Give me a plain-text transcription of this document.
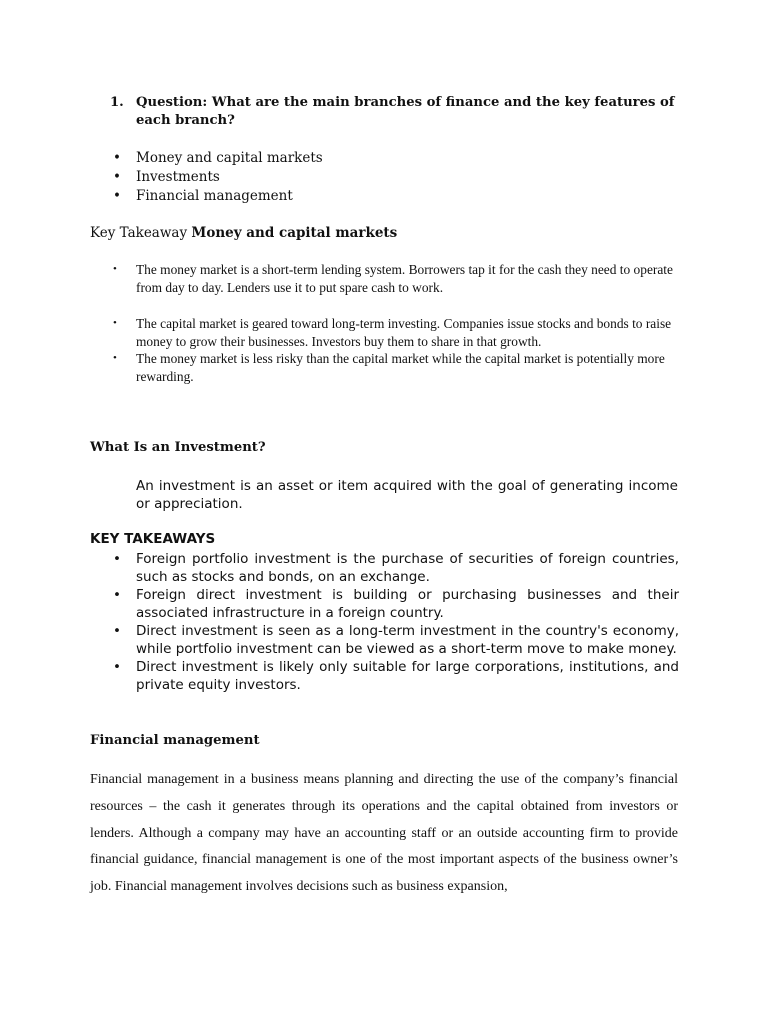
1. Question: What are the main branches of finance and the key features of each branch?
• Money and capital markets
• Investments
• Financial management
Key Takeaway Money and capital markets
• The money market is a short-term lending system. Borrowers tap it for the cash they need to operate from day to day. Lenders use it to put spare cash to work.
• The capital market is geared toward long-term investing. Companies issue stocks and bonds to raise money to grow their businesses. Investors buy them to share in that growth.
• The money market is less risky than the capital market while the capital market is potentially more rewarding.
What Is an Investment?
An investment is an asset or item acquired with the goal of generating income or appreciation.
KEY TAKEAWAYS
• Foreign portfolio investment is the purchase of securities of foreign countries, such as stocks and bonds, on an exchange.
• Foreign direct investment is building or purchasing businesses and their associated infrastructure in a foreign country.
• Direct investment is seen as a long-term investment in the country's economy, while portfolio investment can be viewed as a short-term move to make money.
• Direct investment is likely only suitable for large corporations, institutions, and private equity investors.
Financial management
Financial management in a business means planning and directing the use of the company’s financial resources – the cash it generates through its operations and the capital obtained from investors or lenders. Although a company may have an accounting staff or an outside accounting firm to provide financial guidance, financial management is one of the most important aspects of the business owner’s job. Financial management involves decisions such as business expansion,
